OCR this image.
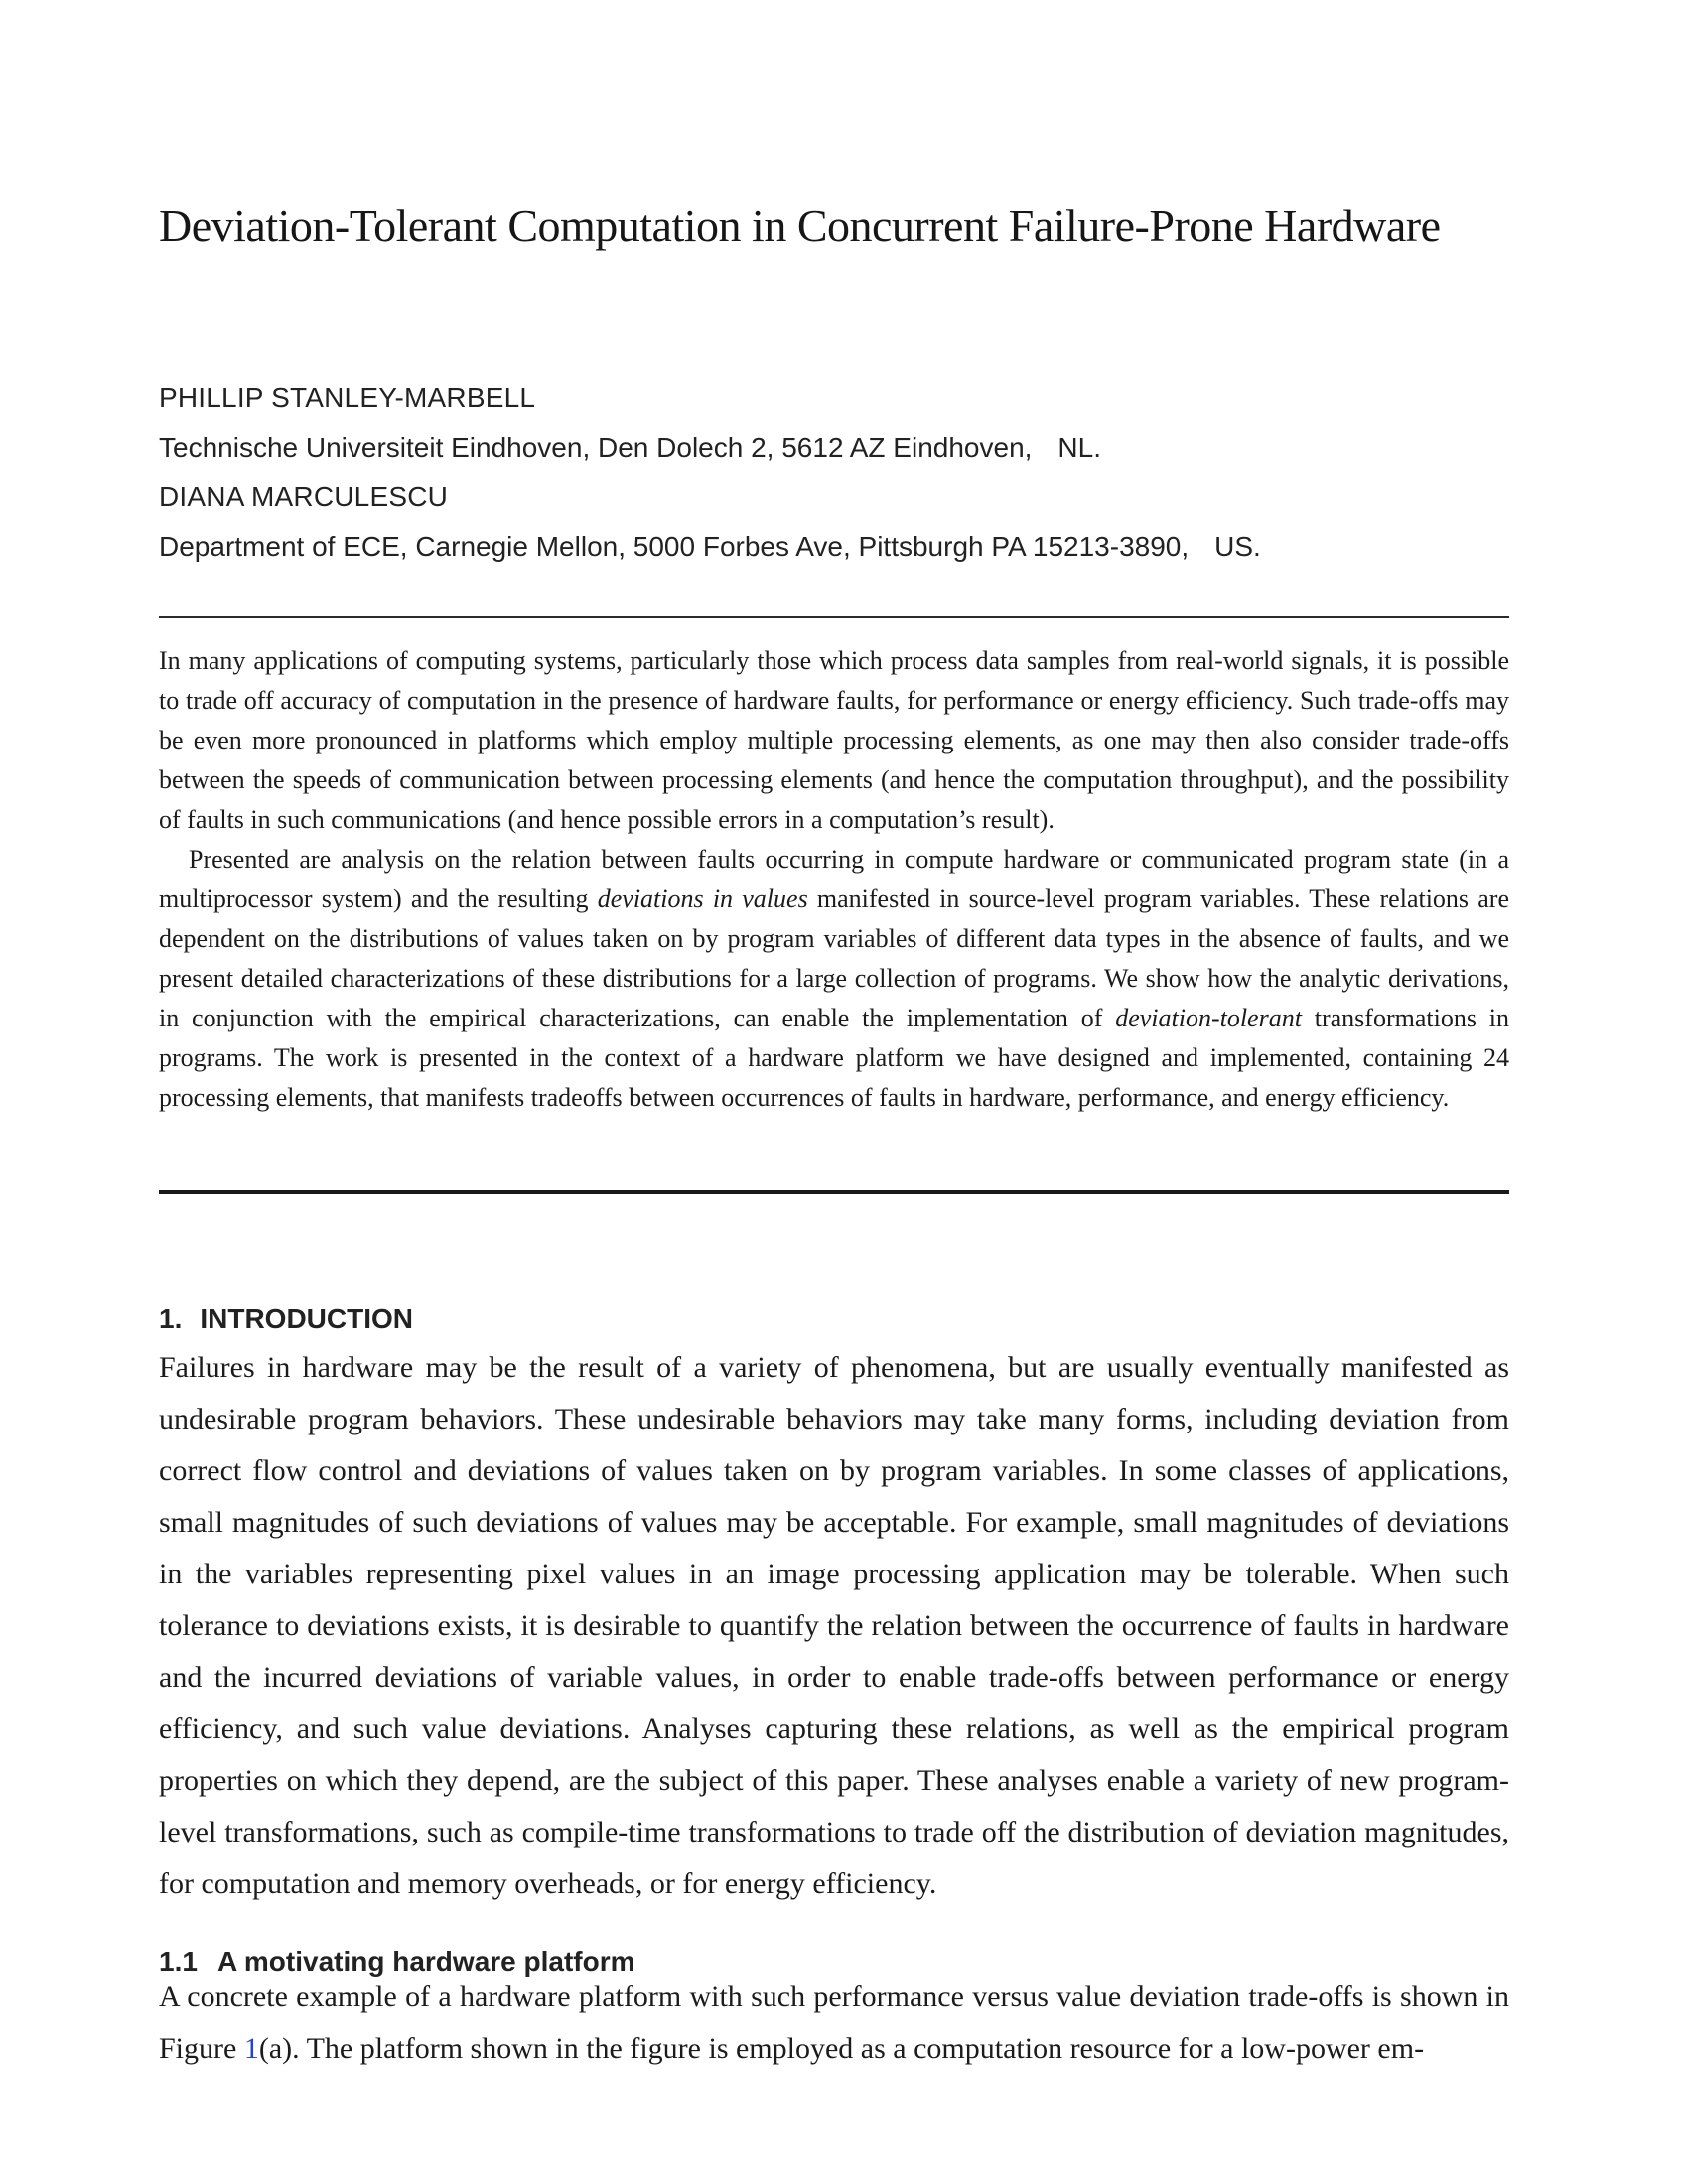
Deviation-Tolerant Computation in Concurrent Failure-Prone Hardware
PHILLIP STANLEY-MARBELL
Technische Universiteit Eindhoven, Den Dolech 2, 5612 AZ Eindhoven, NL.
DIANA MARCULESCU
Department of ECE, Carnegie Mellon, 5000 Forbes Ave, Pittsburgh PA 15213-3890, US.

In many applications of computing systems, particularly those which process data samples from real-world signals, it is possible to trade off accuracy of computation in the presence of hardware faults, for performance or energy efficiency. Such trade-offs may be even more pronounced in platforms which employ multiple processing elements, as one may then also consider trade-offs between the speeds of communication between processing elements (and hence the computation throughput), and the possibility of faults in such communications (and hence possible errors in a computation’s result).

Presented are analysis on the relation between faults occurring in compute hardware or communicated program state (in a multiprocessor system) and the resulting deviations in values manifested in source-level program variables. These relations are dependent on the distributions of values taken on by program variables of different data types in the absence of faults, and we present detailed characterizations of these distributions for a large collection of programs. We show how the analytic derivations, in conjunction with the empirical characterizations, can enable the implementation of deviation-tolerant transformations in programs. The work is presented in the context of a hardware platform we have designed and implemented, containing 24 processing elements, that manifests tradeoffs between occurrences of faults in hardware, performance, and energy efficiency.

1. INTRODUCTION

Failures in hardware may be the result of a variety of phenomena, but are usually eventually manifested as undesirable program behaviors. These undesirable behaviors may take many forms, including deviation from correct flow control and deviations of values taken on by program variables. In some classes of applications, small magnitudes of such deviations of values may be acceptable. For example, small magnitudes of deviations in the variables representing pixel values in an image processing application may be tolerable. When such tolerance to deviations exists, it is desirable to quantify the relation between the occurrence of faults in hardware and the incurred deviations of variable values, in order to enable trade-offs between performance or energy efficiency, and such value deviations. Analyses capturing these relations, as well as the empirical program properties on which they depend, are the subject of this paper. These analyses enable a variety of new program-level transformations, such as compile-time transformations to trade off the distribution of deviation magnitudes, for computation and memory overheads, or for energy efficiency.

1.1 A motivating hardware platform

A concrete example of a hardware platform with such performance versus value deviation trade-offs is shown in Figure 1(a). The platform shown in the figure is employed as a computation resource for a low-power em-
